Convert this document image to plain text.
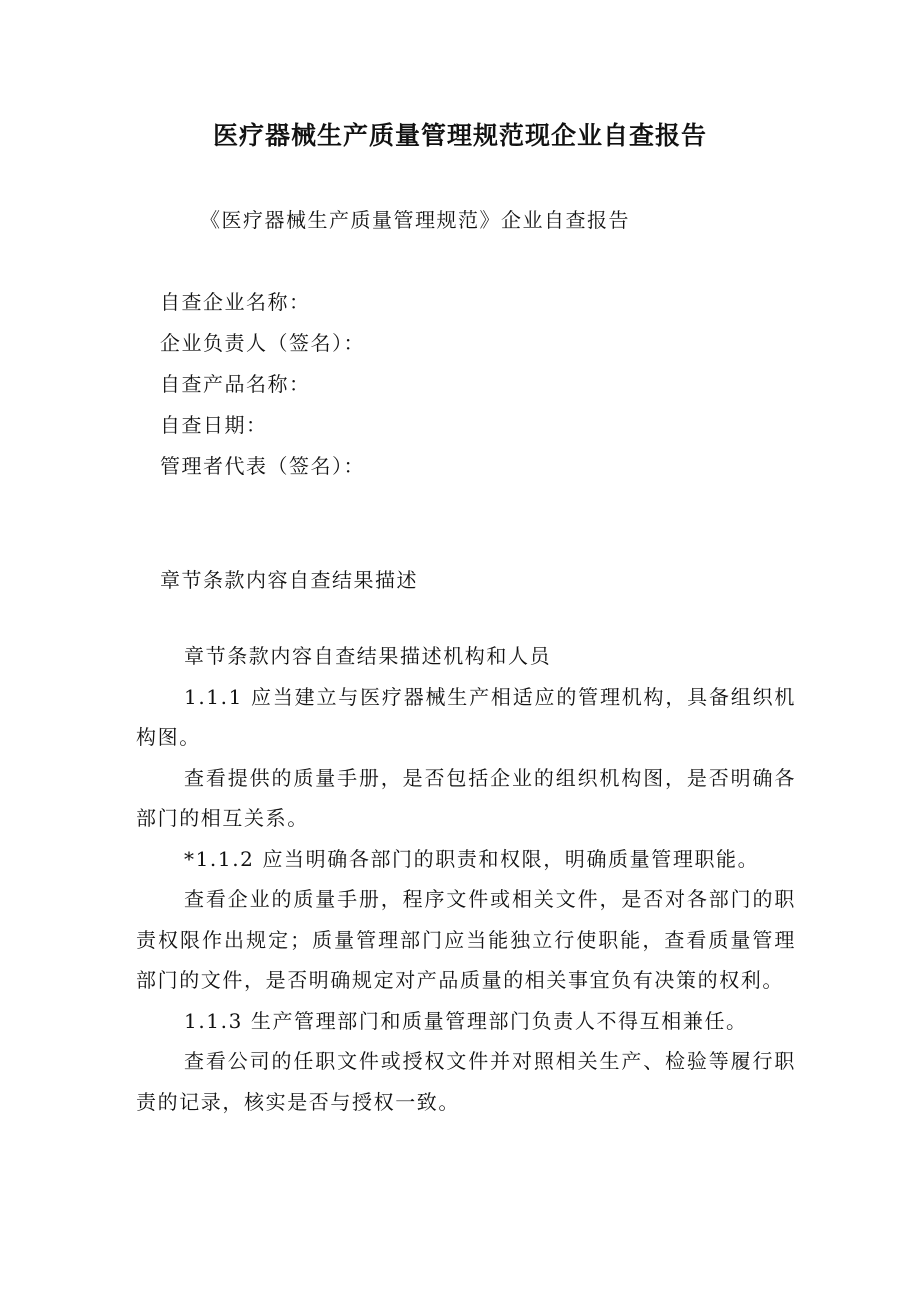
医疗器械生产质量管理规范现企业自查报告
《医疗器械生产质量管理规范》企业自查报告
自查企业名称：
企业负责人（签名）：
自查产品名称：
自查日期：
管理者代表（签名）：
章节条款内容自查结果描述

章节条款内容自查结果描述机构和人员

1.1.1 应当建立与医疗器械生产相适应的管理机构，具备组织机构图。

查看提供的质量手册，是否包括企业的组织机构图，是否明确各部门的相互关系。

*1.1.2 应当明确各部门的职责和权限，明确质量管理职能。

查看企业的质量手册，程序文件或相关文件，是否对各部门的职责权限作出规定；质量管理部门应当能独立行使职能，查看质量管理部门的文件，是否明确规定对产品质量的相关事宜负有决策的权利。

1.1.3 生产管理部门和质量管理部门负责人不得互相兼任。

查看公司的任职文件或授权文件并对照相关生产、检验等履行职责的记录，核实是否与授权一致。
